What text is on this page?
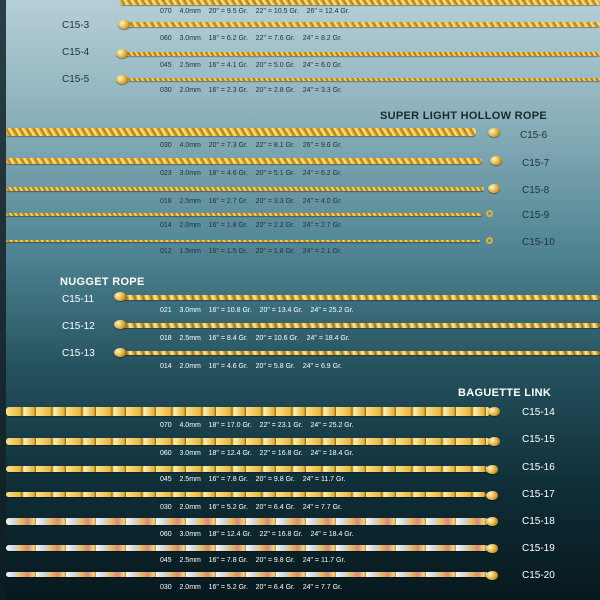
070    4.0mm    20" = 9.5 Gr.    22" = 10.5 Gr.    26" = 12.4 Gr.
060    3.0mm    18" = 6.2 Gr.    22" = 7.6 Gr.    24" = 8.2 Gr.
C15-3
C15-4
045    2.5mm    16" = 4.1 Gr.    20" = 5.0 Gr.    24" = 6.0 Gr.
C15-5
030    2.0mm    16" = 2.3 Gr.    20" = 2.8 Gr.    24" = 3.3 Gr.
SUPER LIGHT HOLLOW ROPE
C15-6
030    4.0mm    20" = 7.3 Gr.    22" = 8.1 Gr.    26" = 9.6 Gr.
C15-7
023    3.0mm    18" = 4.6 Gr.    20" = 5.1 Gr.    24" = 6.2 Gr.
C15-8
018    2.5mm    16" = 2.7 Gr.    20" = 3.3 Gr.    24" = 4.0 Gr.
C15-9
014    2.0mm    16" = 1.8 Gr.    20" = 2.2 Gr.    24" = 2.7 Gr.
C15-10
012    1.5mm    16" = 1.5 Gr.    20" = 1.8 Gr.    24" = 2.1 Gr.
NUGGET ROPE
C15-11
021    3.0mm    16" = 10.8 Gr.    20" = 13.4 Gr.    24" = 25.2 Gr.
C15-12
018    2.5mm    16" = 8.4 Gr.    20" = 10.6 Gr.    24" = 18.4 Gr.
C15-13
014    2.0mm    16" = 4.6 Gr.    20" = 5.8 Gr.    24" = 6.9 Gr.
BAGUETTE LINK
C15-14
070    4.0mm    18" = 17.0 Gr.    22" = 23.1 Gr.    24" = 25.2 Gr.
C15-15
060    3.0mm    18" = 12.4 Gr.    22" = 16.8 Gr.    24" = 18.4 Gr.
C15-16
045    2.5mm    16" = 7.8 Gr.    20" = 9.8 Gr.    24" = 11.7 Gr.
C15-17
030    2.0mm    16" = 5.2 Gr.    20" = 6.4 Gr.    24" = 7.7 Gr.
C15-18
060    3.0mm    18" = 12.4 Gr.    22" = 16.8 Gr.    24" = 18.4 Gr.
C15-19
045    2.5mm    16" = 7.8 Gr.    20" = 9.8 Gr.    24" = 11.7 Gr.
C15-20
030    2.0mm    16" = 5.2 Gr.    20" = 6.4 Gr.    24" = 7.7 Gr.
